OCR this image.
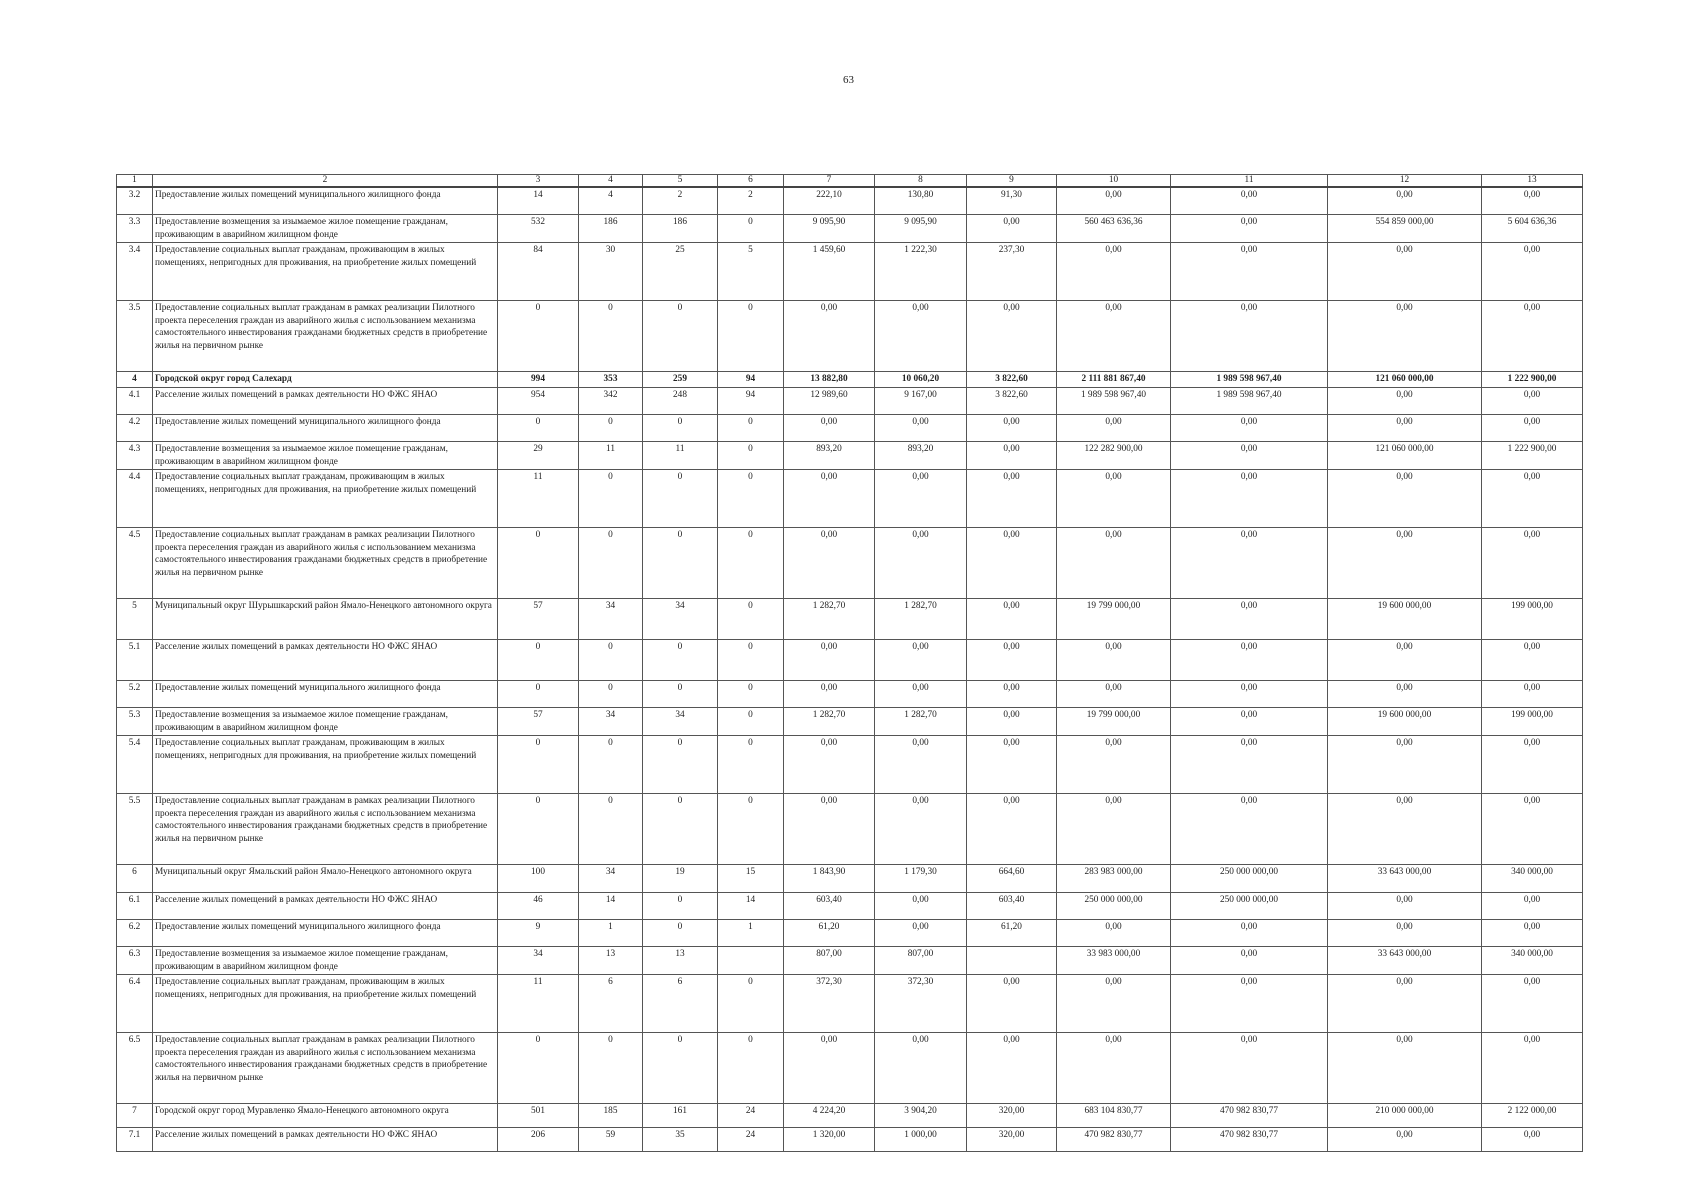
63
1	2	3	4	5	6	7	8	9	10	11	12	13
3.2	Предоставление жилых помещений муниципального жилищного фонда	14	4	2	2	222,10	130,80	91,30	0,00	0,00	0,00	0,00
3.3	Предоставление возмещения за изымаемое жилое помещение гражданам, проживающим в аварийном жилищном фонде	532	186	186	0	9 095,90	9 095,90	0,00	560 463 636,36	0,00	554 859 000,00	5 604 636,36
3.4	Предоставление социальных выплат гражданам, проживающим в жилых помещениях, непригодных для проживания, на приобретение жилых помещений	84	30	25	5	1 459,60	1 222,30	237,30	0,00	0,00	0,00	0,00
3.5	Предоставление социальных выплат гражданам в рамках реализации Пилотного проекта переселения граждан из аварийного жилья с использованием механизма самостоятельного инвестирования гражданами бюджетных средств в приобретение жилья на первичном рынке	0	0	0	0	0,00	0,00	0,00	0,00	0,00	0,00	0,00
4	Городской округ город Салехард	994	353	259	94	13 882,80	10 060,20	3 822,60	2 111 881 867,40	1 989 598 967,40	121 060 000,00	1 222 900,00
4.1	Расселение жилых помещений в рамках деятельности НО ФЖС ЯНАО	954	342	248	94	12 989,60	9 167,00	3 822,60	1 989 598 967,40	1 989 598 967,40	0,00	0,00
4.2	Предоставление жилых помещений муниципального жилищного фонда	0	0	0	0	0,00	0,00	0,00	0,00	0,00	0,00	0,00
4.3	Предоставление возмещения за изымаемое жилое помещение гражданам, проживающим в аварийном жилищном фонде	29	11	11	0	893,20	893,20	0,00	122 282 900,00	0,00	121 060 000,00	1 222 900,00
4.4	Предоставление социальных выплат гражданам, проживающим в жилых помещениях, непригодных для проживания, на приобретение жилых помещений	11	0	0	0	0,00	0,00	0,00	0,00	0,00	0,00	0,00
4.5	Предоставление социальных выплат гражданам в рамках реализации Пилотного проекта переселения граждан из аварийного жилья с использованием механизма самостоятельного инвестирования гражданами бюджетных средств в приобретение жилья на первичном рынке	0	0	0	0	0,00	0,00	0,00	0,00	0,00	0,00	0,00
5	Муниципальный округ Шурышкарский район Ямало-Ненецкого автономного округа	57	34	34	0	1 282,70	1 282,70	0,00	19 799 000,00	0,00	19 600 000,00	199 000,00
5.1	Расселение жилых помещений в рамках деятельности НО ФЖС ЯНАО	0	0	0	0	0,00	0,00	0,00	0,00	0,00	0,00	0,00
5.2	Предоставление жилых помещений муниципального жилищного фонда	0	0	0	0	0,00	0,00	0,00	0,00	0,00	0,00	0,00
5.3	Предоставление возмещения за изымаемое жилое помещение гражданам, проживающим в аварийном жилищном фонде	57	34	34	0	1 282,70	1 282,70	0,00	19 799 000,00	0,00	19 600 000,00	199 000,00
5.4	Предоставление социальных выплат гражданам, проживающим в жилых помещениях, непригодных для проживания, на приобретение жилых помещений	0	0	0	0	0,00	0,00	0,00	0,00	0,00	0,00	0,00
5.5	Предоставление социальных выплат гражданам в рамках реализации Пилотного проекта переселения граждан из аварийного жилья с использованием механизма самостоятельного инвестирования гражданами бюджетных средств в приобретение жилья на первичном рынке	0	0	0	0	0,00	0,00	0,00	0,00	0,00	0,00	0,00
6	Муниципальный округ Ямальский район Ямало-Ненецкого автономного округа	100	34	19	15	1 843,90	1 179,30	664,60	283 983 000,00	250 000 000,00	33 643 000,00	340 000,00
6.1	Расселение жилых помещений в рамках деятельности НО ФЖС ЯНАО	46	14	0	14	603,40	0,00	603,40	250 000 000,00	250 000 000,00	0,00	0,00
6.2	Предоставление жилых помещений муниципального жилищного фонда	9	1	0	1	61,20	0,00	61,20	0,00	0,00	0,00	0,00
6.3	Предоставление возмещения за изымаемое жилое помещение гражданам, проживающим в аварийном жилищном фонде	34	13	13		807,00	807,00		33 983 000,00	0,00	33 643 000,00	340 000,00
6.4	Предоставление социальных выплат гражданам, проживающим в жилых помещениях, непригодных для проживания, на приобретение жилых помещений	11	6	6	0	372,30	372,30	0,00	0,00	0,00	0,00	0,00
6.5	Предоставление социальных выплат гражданам в рамках реализации Пилотного проекта переселения граждан из аварийного жилья с использованием механизма самостоятельного инвестирования гражданами бюджетных средств в приобретение жилья на первичном рынке	0	0	0	0	0,00	0,00	0,00	0,00	0,00	0,00	0,00
7	Городской округ город Муравленко Ямало-Ненецкого автономного округа	501	185	161	24	4 224,20	3 904,20	320,00	683 104 830,77	470 982 830,77	210 000 000,00	2 122 000,00
7.1	Расселение жилых помещений в рамках деятельности НО ФЖС ЯНАО	206	59	35	24	1 320,00	1 000,00	320,00	470 982 830,77	470 982 830,77	0,00	0,00
